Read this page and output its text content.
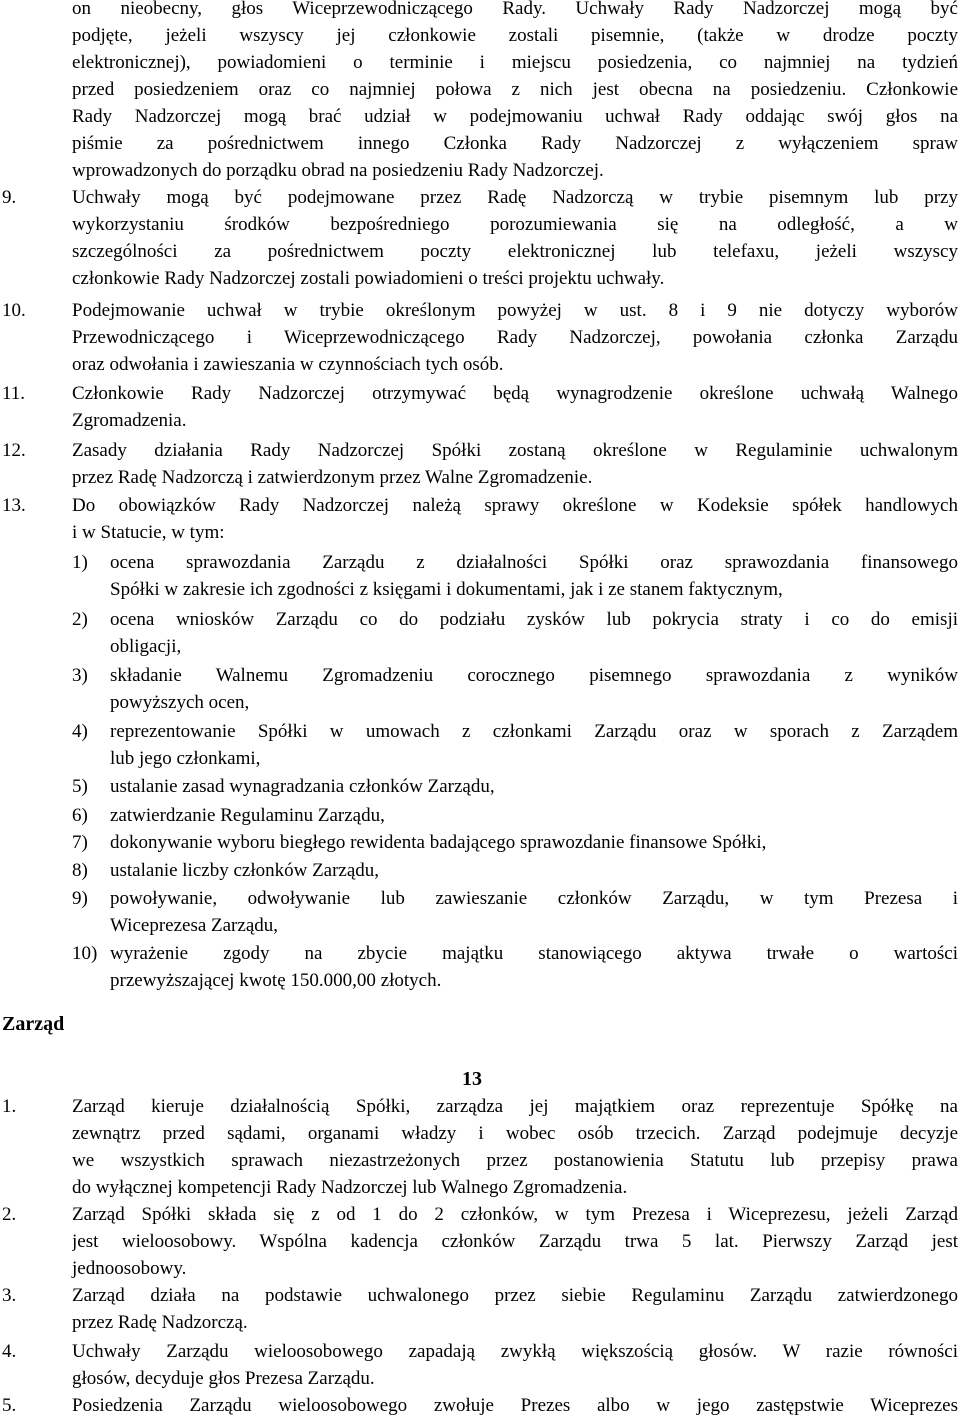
on nieobecny, głos Wiceprzewodniczącego Rady. Uchwały Rady Nadzorczej mogą być
podjęte, jeżeli wszyscy jej członkowie zostali pisemnie, (także w drodze poczty
elektronicznej), powiadomieni o terminie i miejscu posiedzenia, co najmniej na tydzień
przed posiedzeniem oraz co najmniej połowa z nich jest obecna na posiedzeniu. Członkowie
Rady Nadzorczej mogą brać udział w podejmowaniu uchwał Rady oddając swój głos na
piśmie za pośrednictwem innego Członka Rady Nadzorczej z wyłączeniem spraw
wprowadzonych do porządku obrad na posiedzeniu Rady Nadzorczej.
9.	Uchwały mogą być podejmowane przez Radę Nadzorczą w trybie pisemnym lub przy
wykorzystaniu środków bezpośredniego porozumiewania się na odległość, a w
szczególności za pośrednictwem poczty elektronicznej lub telefaxu, jeżeli wszyscy
członkowie Rady Nadzorczej zostali powiadomieni o treści projektu uchwały.
10. Podejmowanie uchwał w trybie określonym powyżej w ust. 8 i 9 nie dotyczy wyborów
Przewodniczącego i Wiceprzewodniczącego Rady Nadzorczej, powołania członka Zarządu
oraz odwołania i zawieszania w czynnościach tych osób.
11. Członkowie Rady Nadzorczej otrzymywać będą wynagrodzenie określone uchwałą Walnego
Zgromadzenia.
12. Zasady działania Rady Nadzorczej Spółki zostaną określone w Regulaminie uchwalonym
przez Radę Nadzorczą i zatwierdzonym przez Walne Zgromadzenie.
13. Do obowiązków Rady Nadzorczej należą sprawy określone w Kodeksie spółek handlowych
i w Statucie, w tym:
1) ocena sprawozdania Zarządu z działalności Spółki oraz sprawozdania finansowego
Spółki w zakresie ich zgodności z księgami i dokumentami, jak i ze stanem faktycznym,
2) ocena wniosków Zarządu co do podziału zysków lub pokrycia straty i co do emisji
obligacji,
3) składanie Walnemu Zgromadzeniu corocznego pisemnego sprawozdania z wyników
powyższych ocen,
4) reprezentowanie Spółki w umowach z członkami Zarządu oraz w sporach z Zarządem
lub jego członkami,
5) ustalanie zasad wynagradzania członków Zarządu,
6) zatwierdzanie Regulaminu Zarządu,
7) dokonywanie wyboru biegłego rewidenta badającego sprawozdanie finansowe Spółki,
8) ustalanie liczby członków Zarządu,
9) powoływanie, odwoływanie lub zawieszanie członków Zarządu, w tym Prezesa i
Wiceprezesa Zarządu,
10) wyrażenie zgody na zbycie majątku stanowiącego aktywa trwałe o wartości
przewyższającej kwotę 150.000,00 złotych.
Zarząd
13
1.	Zarząd kieruje działalnością Spółki, zarządza jej majątkiem oraz reprezentuje Spółkę na
zewnątrz przed sądami, organami władzy i wobec osób trzecich. Zarząd podejmuje decyzje
we wszystkich sprawach niezastrzeżonych przez postanowienia Statutu lub przepisy prawa
do wyłącznej kompetencji Rady Nadzorczej lub Walnego Zgromadzenia.
2.	Zarząd Spółki składa się z od 1 do 2 członków, w tym Prezesa i Wiceprezesu, jeżeli Zarząd
jest wieloosobowy. Wspólna kadencja członków Zarządu trwa 5 lat. Pierwszy Zarząd jest
jednoosobowy.
3.	Zarząd działa na podstawie uchwalonego przez siebie Regulaminu Zarządu zatwierdzonego
przez Radę Nadzorczą.
4.	Uchwały Zarządu wieloosobowego zapadają zwykłą większością głosów. W razie równości
głosów, decyduje głos Prezesa Zarządu.
5.	Posiedzenia Zarządu wieloosobowego zwołuje Prezes albo w jego zastępstwie Wiceprezes
